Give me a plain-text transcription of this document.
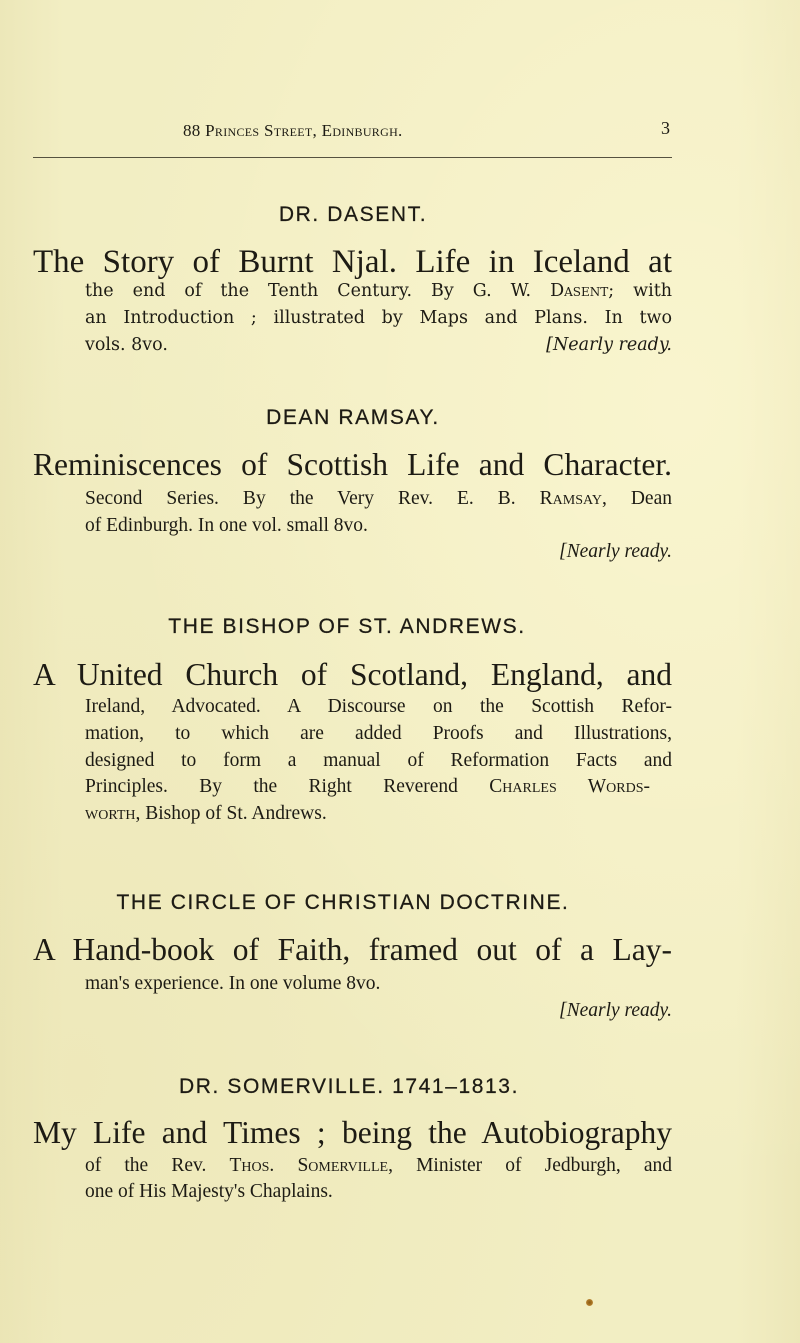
88 Princes Street, Edinburgh.	3
DR. DASENT.
The Story of Burnt Njal. Life in Iceland at
the end of the Tenth Century. By G. W. Dasent; with
an Introduction ; illustrated by Maps and Plans. In two
vols. 8vo.	[Nearly ready.
DEAN RAMSAY.
Reminiscences of Scottish Life and Character.
Second Series. By the Very Rev. E. B. Ramsay, Dean
of Edinburgh. In one vol. small 8vo.
[Nearly ready.
THE BISHOP OF ST. ANDREWS.
A United Church of Scotland, England, and
Ireland, Advocated. A Discourse on the Scottish Refor-
mation, to which are added Proofs and Illustrations,
designed to form a manual of Reformation Facts and
Principles. By the Right Reverend Charles Words-
worth, Bishop of St. Andrews.
THE CIRCLE OF CHRISTIAN DOCTRINE.
A Hand-book of Faith, framed out of a Lay-
man's experience. In one volume 8vo.
[Nearly ready.
DR. SOMERVILLE. 1741–1813.
My Life and Times ; being the Autobiography
of the Rev. Thos. Somerville, Minister of Jedburgh, and
one of His Majesty's Chaplains.
